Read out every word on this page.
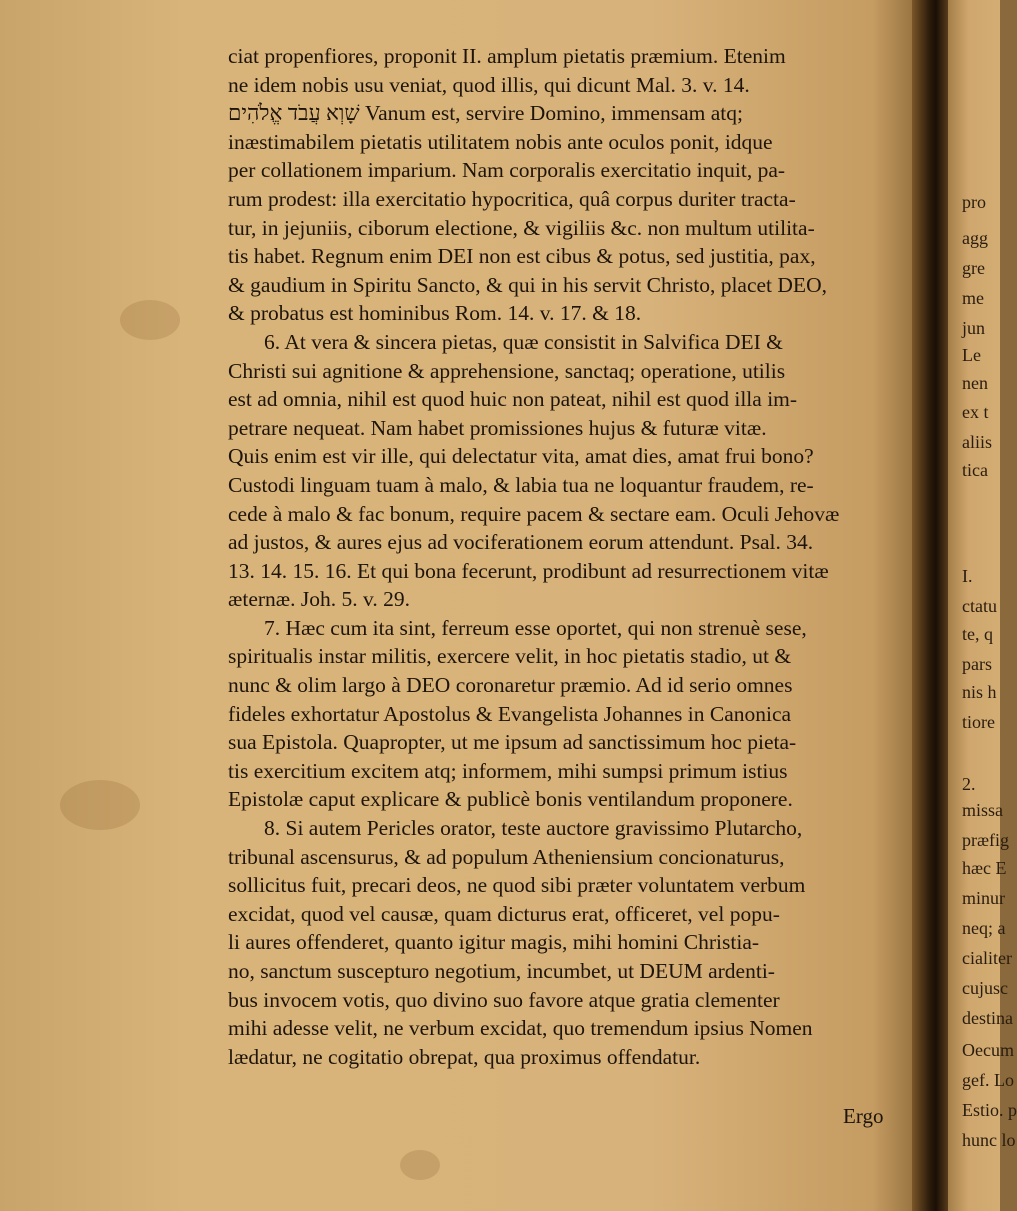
ciat propenfiores, proponit II. amplum pietatis præmium. Etenim
ne idem nobis usu veniat, quod illis, qui dicunt Mal. 3. v. 14.
שָׁוְא עֲבֹד אֱלֹהִים Vanum est, servire Domino, immensam atq;
inæstimabilem pietatis utilitatem nobis ante oculos ponit, idque
per collationem imparium. Nam corporalis exercitatio inquit, pa-
rum prodest: illa exercitatio hypocritica, quâ corpus duriter tracta-
tur, in jejuniis, ciborum electione, & vigiliis &c. non multum utilita-
tis habet. Regnum enim DEI non est cibus & potus, sed justitia, pax,
& gaudium in Spiritu Sancto, & qui in his servit Christo, placet DEO,
& probatus est hominibus Rom. 14. v. 17. & 18.
6. At vera & sincera pietas, quæ consistit in Salvifica DEI &
Christi sui agnitione & apprehensione, sanctaq; operatione, utilis
est ad omnia, nihil est quod huic non pateat, nihil est quod illa im-
petrare nequeat. Nam habet promissiones hujus & futuræ vitæ.
Quis enim est vir ille, qui delectatur vita, amat dies, amat frui bono?
Custodi linguam tuam à malo, & labia tua ne loquantur fraudem, re-
cede à malo & fac bonum, require pacem & sectare eam. Oculi Jehovæ
ad justos, & aures ejus ad vociferationem eorum attendunt. Psal. 34.
13. 14. 15. 16. Et qui bona fecerunt, prodibunt ad resurrectionem vitæ
æternæ. Joh. 5. v. 29.
7. Hæc cum ita sint, ferreum esse oportet, qui non strenuè sese,
spiritualis instar militis, exercere velit, in hoc pietatis stadio, ut &
nunc & olim largo à DEO coronaretur præmio. Ad id serio omnes
fideles exhortatur Apostolus & Evangelista Johannes in Canonica
sua Epistola. Quapropter, ut me ipsum ad sanctissimum hoc pieta-
tis exercitium excitem atq; informem, mihi sumpsi primum istius
Epistolæ caput explicare & publicè bonis ventilandum proponere.
8. Si autem Pericles orator, teste auctore gravissimo Plutarcho,
tribunal ascensurus, & ad populum Atheniensium concionaturus,
sollicitus fuit, precari deos, ne quod sibi præter voluntatem verbum
excidat, quod vel causæ, quam dicturus erat, officeret, vel popu-
li aures offenderet, quanto igitur magis, mihi homini Christia-
no, sanctum suscepturo negotium, incumbet, ut DEUM ardenti-
bus invocem votis, quo divino suo favore atque gratia clementer
mihi adesse velit, ne verbum excidat, quo tremendum ipsius Nomen
lædatur, ne cogitatio obrepat, qua proximus offendatur.
Ergo
pro
agg
gre
me
jun
Le
nen
ex t
aliis
tica
I.
ctatu
te, q
pars
nis h
tiore
2.
missa
præfig
hæc E
minur
neq; a
cialiter
cujusc
destina
Oecum
gef. Lo
Estio. p
hunc lo
